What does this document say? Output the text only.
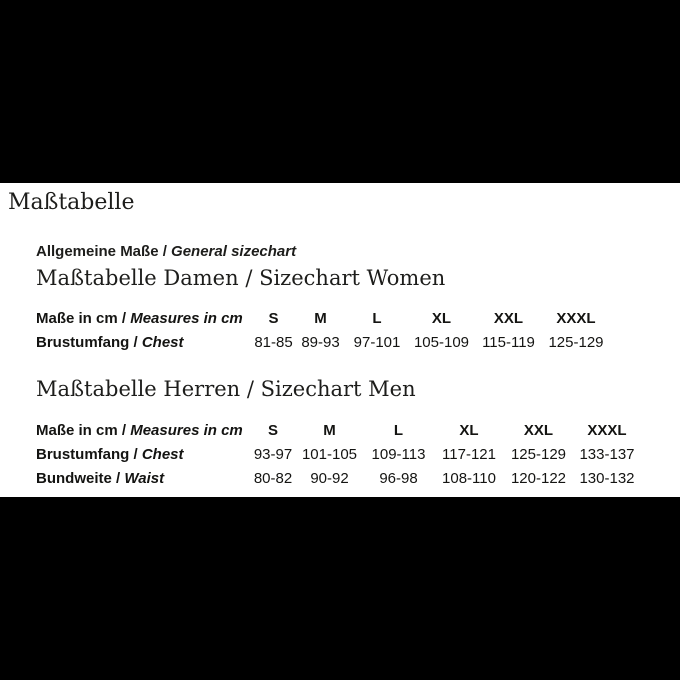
Maßtabelle
Allgemeine Maße / General sizechart
Maßtabelle Damen / Sizechart Women
Maße in cm / Measures in cm	S	M	L	XL	XXL	XXXL
Brustumfang / Chest	81-85	89-93	97-101	105-109	115-119	125-129
Maßtabelle Herren / Sizechart Men
Maße in cm / Measures in cm	S	M	L	XL	XXL	XXXL
Brustumfang / Chest	93-97	101-105	109-113	117-121	125-129	133-137
Bundweite / Waist	80-82	90-92	96-98	108-110	120-122	130-132
